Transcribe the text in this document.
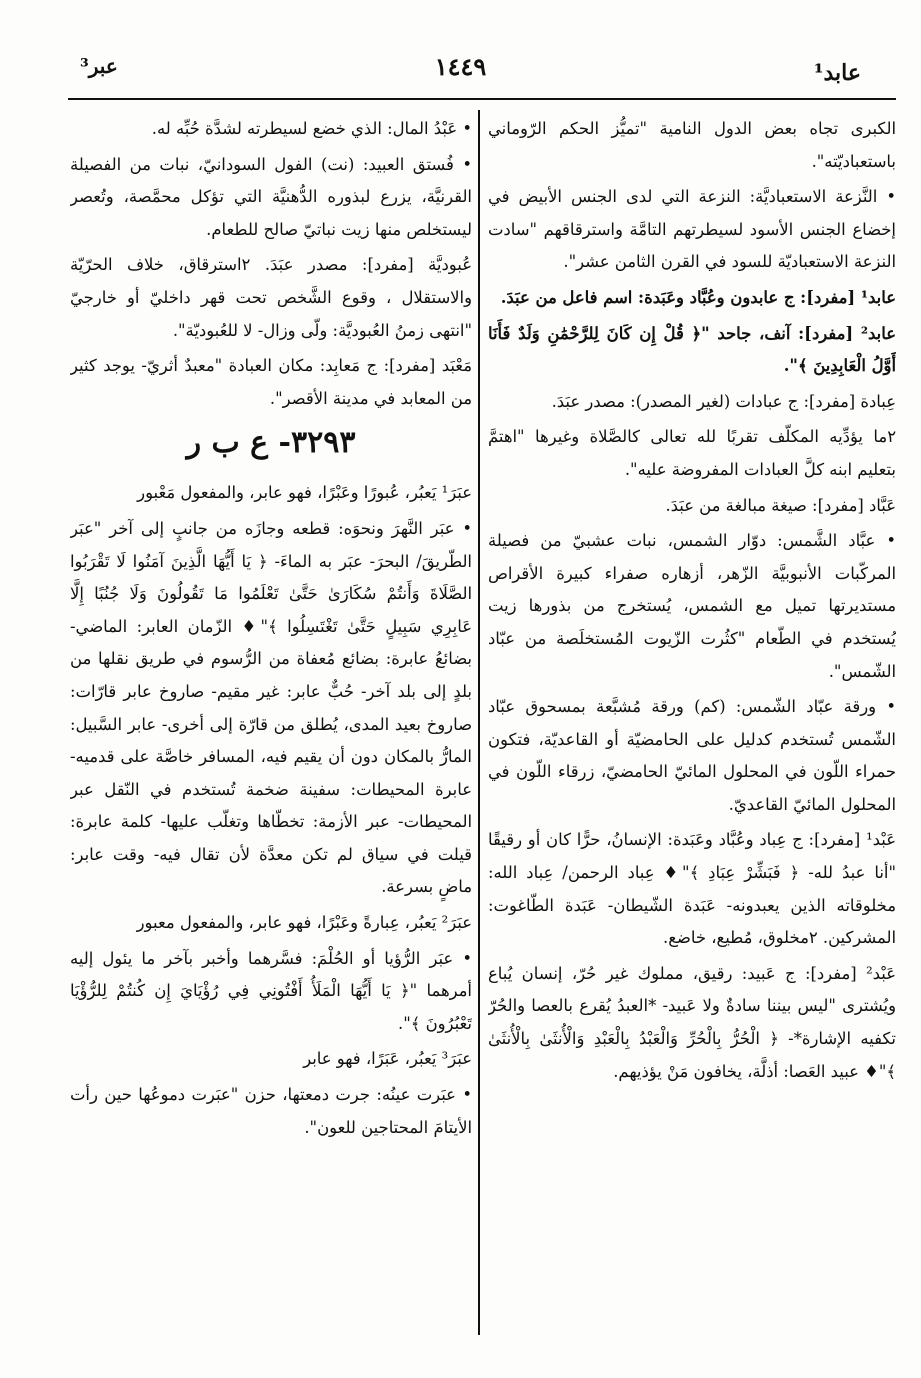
عابد¹
١٤٤٩
عبر³

الكبرى تجاه بعض الدول النامية "تميُّز الحكم الرّوماني باستعباديّته".

• النَّزعة الاستعباديَّة: النزعة التي لدى الجنس الأبيض في إخضاع الجنس الأسود لسيطرتهم التامَّة واسترقاقهم "سادت النزعة الاستعباديّة للسود في القرن الثامن عشر".

عابد¹ [مفرد]: ج عابدون وعُبَّاد وعَبَدة: اسم فاعل من عبَدَ.

عابد² [مفرد]: آنف، جاحد "﴿ قُلْ إِن كَانَ لِلرَّحْمَٰنِ وَلَدٌ فَأَنَا أَوَّلُ الْعَابِدِينَ ﴾".

عِبادة [مفرد]: ج عبادات (لغير المصدر): مصدر عبَدَ.

٢ما يؤدِّيه المكلّف تقربًا لله تعالى كالصَّلاة وغيرها "اهتمَّ بتعليم ابنه كلَّ العبادات المفروضة عليه".

عَبَّاد [مفرد]: صيغة مبالغة من عبَدَ.

• عبَّاد الشَّمس: دوّار الشمس، نبات عشبيّ من فصيلة المركّبات الأنبوبيَّة الزّهر، أزهاره صفراء كبيرة الأقراص مستديرتها تميل مع الشمس، يُستخرج من بذورها زيت يُستخدم في الطّعام "كثُرت الزّيوت المُستخلَصة من عبّاد الشّمس".

• ورقة عبّاد الشّمس: (كم) ورقة مُشبَّعة بمسحوق عبّاد الشّمس تُستخدم كدليل على الحامضيّة أو القاعديّة، فتكون حمراء اللّون في المحلول المائيّ الحامضيّ، زرقاء اللّون في المحلول المائيّ القاعديّ.

عَبْد¹ [مفرد]: ج عِباد وعُبَّاد وعَبَدة: الإنسانُ، حرًّا كان أو رقيقًا "أنا عبدُ لله- ﴿ فَبَشِّرْ عِبَادِ ﴾"♦ عِباد الرحمن/ عِباد الله: مخلوقاته الذين يعبدونه- عَبَدة الشّيطان- عَبَدة الطّاغوت: المشركين. ٢مخلوق، مُطيع، خاضع.

عَبْد² [مفرد]: ج عَبيد: رقيق، مملوك غير حُرّ، إنسان يُباع ويُشترى "ليس بيننا سادةٌ ولا عَبيد- *العبدُ يُقرع بالعصا والحُرّ تكفيه الإشارة*- ﴿ الْحُرُّ بِالْحُرِّ وَالْعَبْدُ بِالْعَبْدِ وَالْأُنثَىٰ بِالْأُنثَىٰ ﴾"♦ عبيد العَصا: أذلَّة، يخافون مَنْ يؤذيهم.

• عَبْدُ المال: الذي خضع لسيطرته لشدَّة حُبِّه له.

• فُستق العبيد: (نت) الفول السودانيّ، نبات من الفصيلة القرنيَّة، يزرع لبذوره الدُّهنيَّة التي تؤكل محمَّصة، وتُعصر ليستخلص منها زيت نباتيّ صالح للطعام.

عُبوديَّة [مفرد]: مصدر عبَدَ. ٢استرقاق، خلاف الحرّيّة والاستقلال ، وقوع الشَّخص تحت قهر داخليّ أو خارجيّ "انتهى زمنُ العُبوديَّة: ولّى وزال- لا للعُبوديّة".

مَعْبَد [مفرد]: ج مَعابِد: مكان العبادة "معبدٌ أثريّ- يوجد كثير من المعابد في مدينة الأقصر".

٣٢٩٣- ع ب ر

عبَرَ¹ يَعبُر، عُبورًا وعَبْرًا، فهو عابر، والمفعول مَعْبور

• عبَر النَّهرَ ونحوَه: قطعه وجازَه من جانبٍ إلى آخر "عبَر الطّريقَ/ البحرَ- عبَر به الماءَ- ﴿ يَا أَيُّهَا الَّذِينَ آمَنُوا لَا تَقْرَبُوا الصَّلَاةَ وَأَنتُمْ سُكَارَىٰ حَتَّىٰ تَعْلَمُوا مَا تَقُولُونَ وَلَا جُنُبًا إِلَّا عَابِرِي سَبِيلٍ حَتَّىٰ تَغْتَسِلُوا ﴾"♦ الزّمان العابر: الماضي- بضائعُ عابرة: بضائع مُعفاة من الرُّسوم في طريق نقلها من بلدٍ إلى بلد آخر- حُبٌّ عابر: غير مقيم- صاروخ عابر قارّات: صاروخ بعيد المدى، يُطلق من قارّة إلى أخرى- عابر السَّبيل: المارُّ بالمكان دون أن يقيم فيه، المسافر خاصَّة على قدميه- عابرة المحيطات: سفينة ضخمة تُستخدم في النّقل عبر المحيطات- عبر الأزمة: تخطّاها وتغلّب عليها- كلمة عابرة: قيلت في سياق لم تكن معدَّة لأن تقال فيه- وقت عابر: ماضٍ بسرعة.

عبَرَ² يَعبُر، عِبارةً وعَبْرًا، فهو عابر، والمفعول معبور

• عبَر الرُّؤيا أو الحُلْمَ: فسَّرهما وأخبر بآخر ما يئول إليه أمرهما "﴿ يَا أَيُّهَا الْمَلَأُ أَفْتُونِي فِي رُؤْيَايَ إِن كُنتُمْ لِلرُّؤْيَا تَعْبُرُونَ ﴾".

عبَرَ³ يَعبُر، عَبَرًا، فهو عابر

• عبَرت عينُه: جرت دمعتها، حزن "عبَرت دموعُها حين رأت الأيتامَ المحتاجين للعون".
